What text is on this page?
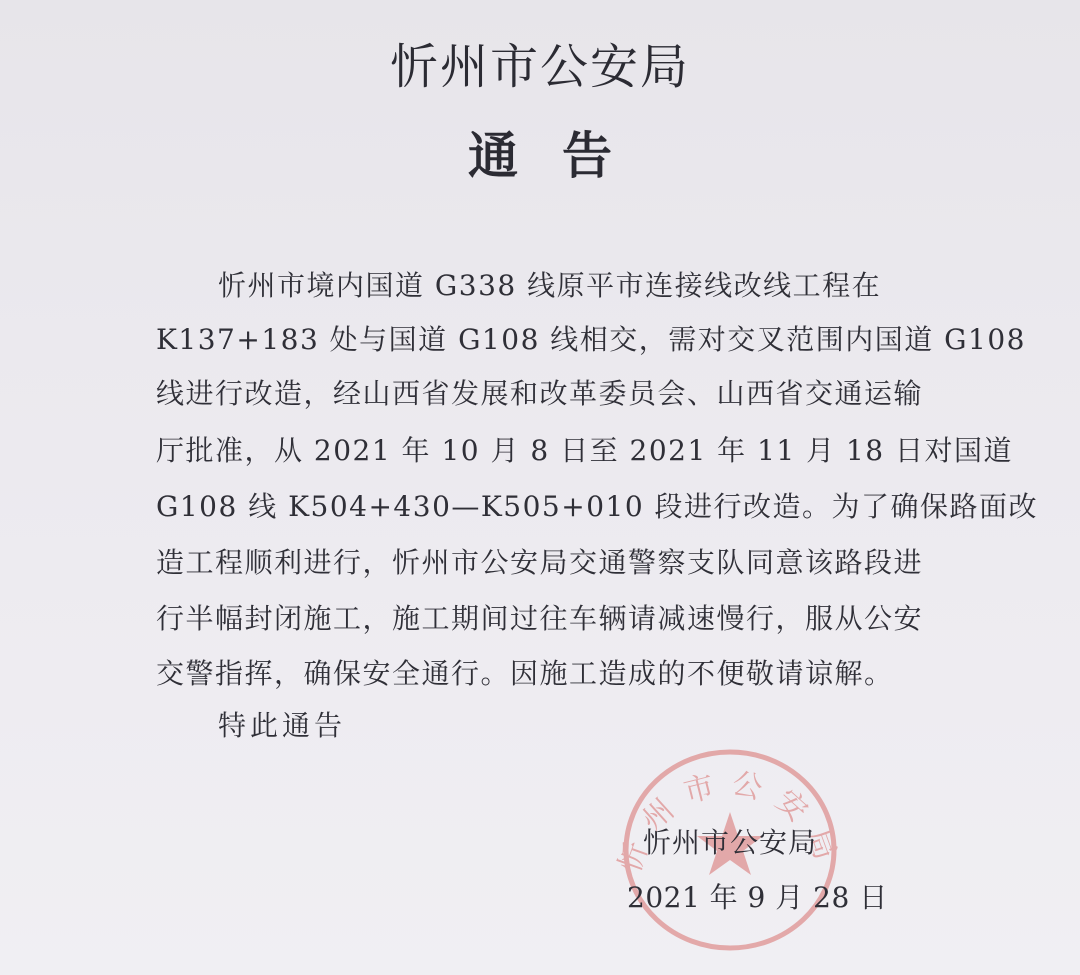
忻州市公安局
通告
忻州市境内国道 G338 线原平市连接线改线工程在
K137+183 处与国道 G108 线相交，需对交叉范围内国道 G108
线进行改造，经山西省发展和改革委员会、山西省交通运输
厅批准，从 2021 年 10 月 8 日至 2021 年 11 月 18 日对国道
G108 线 K504+430—K505+010 段进行改造。为了确保路面改
造工程顺利进行，忻州市公安局交通警察支队同意该路段进
行半幅封闭施工，施工期间过往车辆请减速慢行，服从公安
交警指挥，确保安全通行。因施工造成的不便敬请谅解。
特此通告
忻州市公安局
忻州市公安局
2021 年 9 月 28 日
